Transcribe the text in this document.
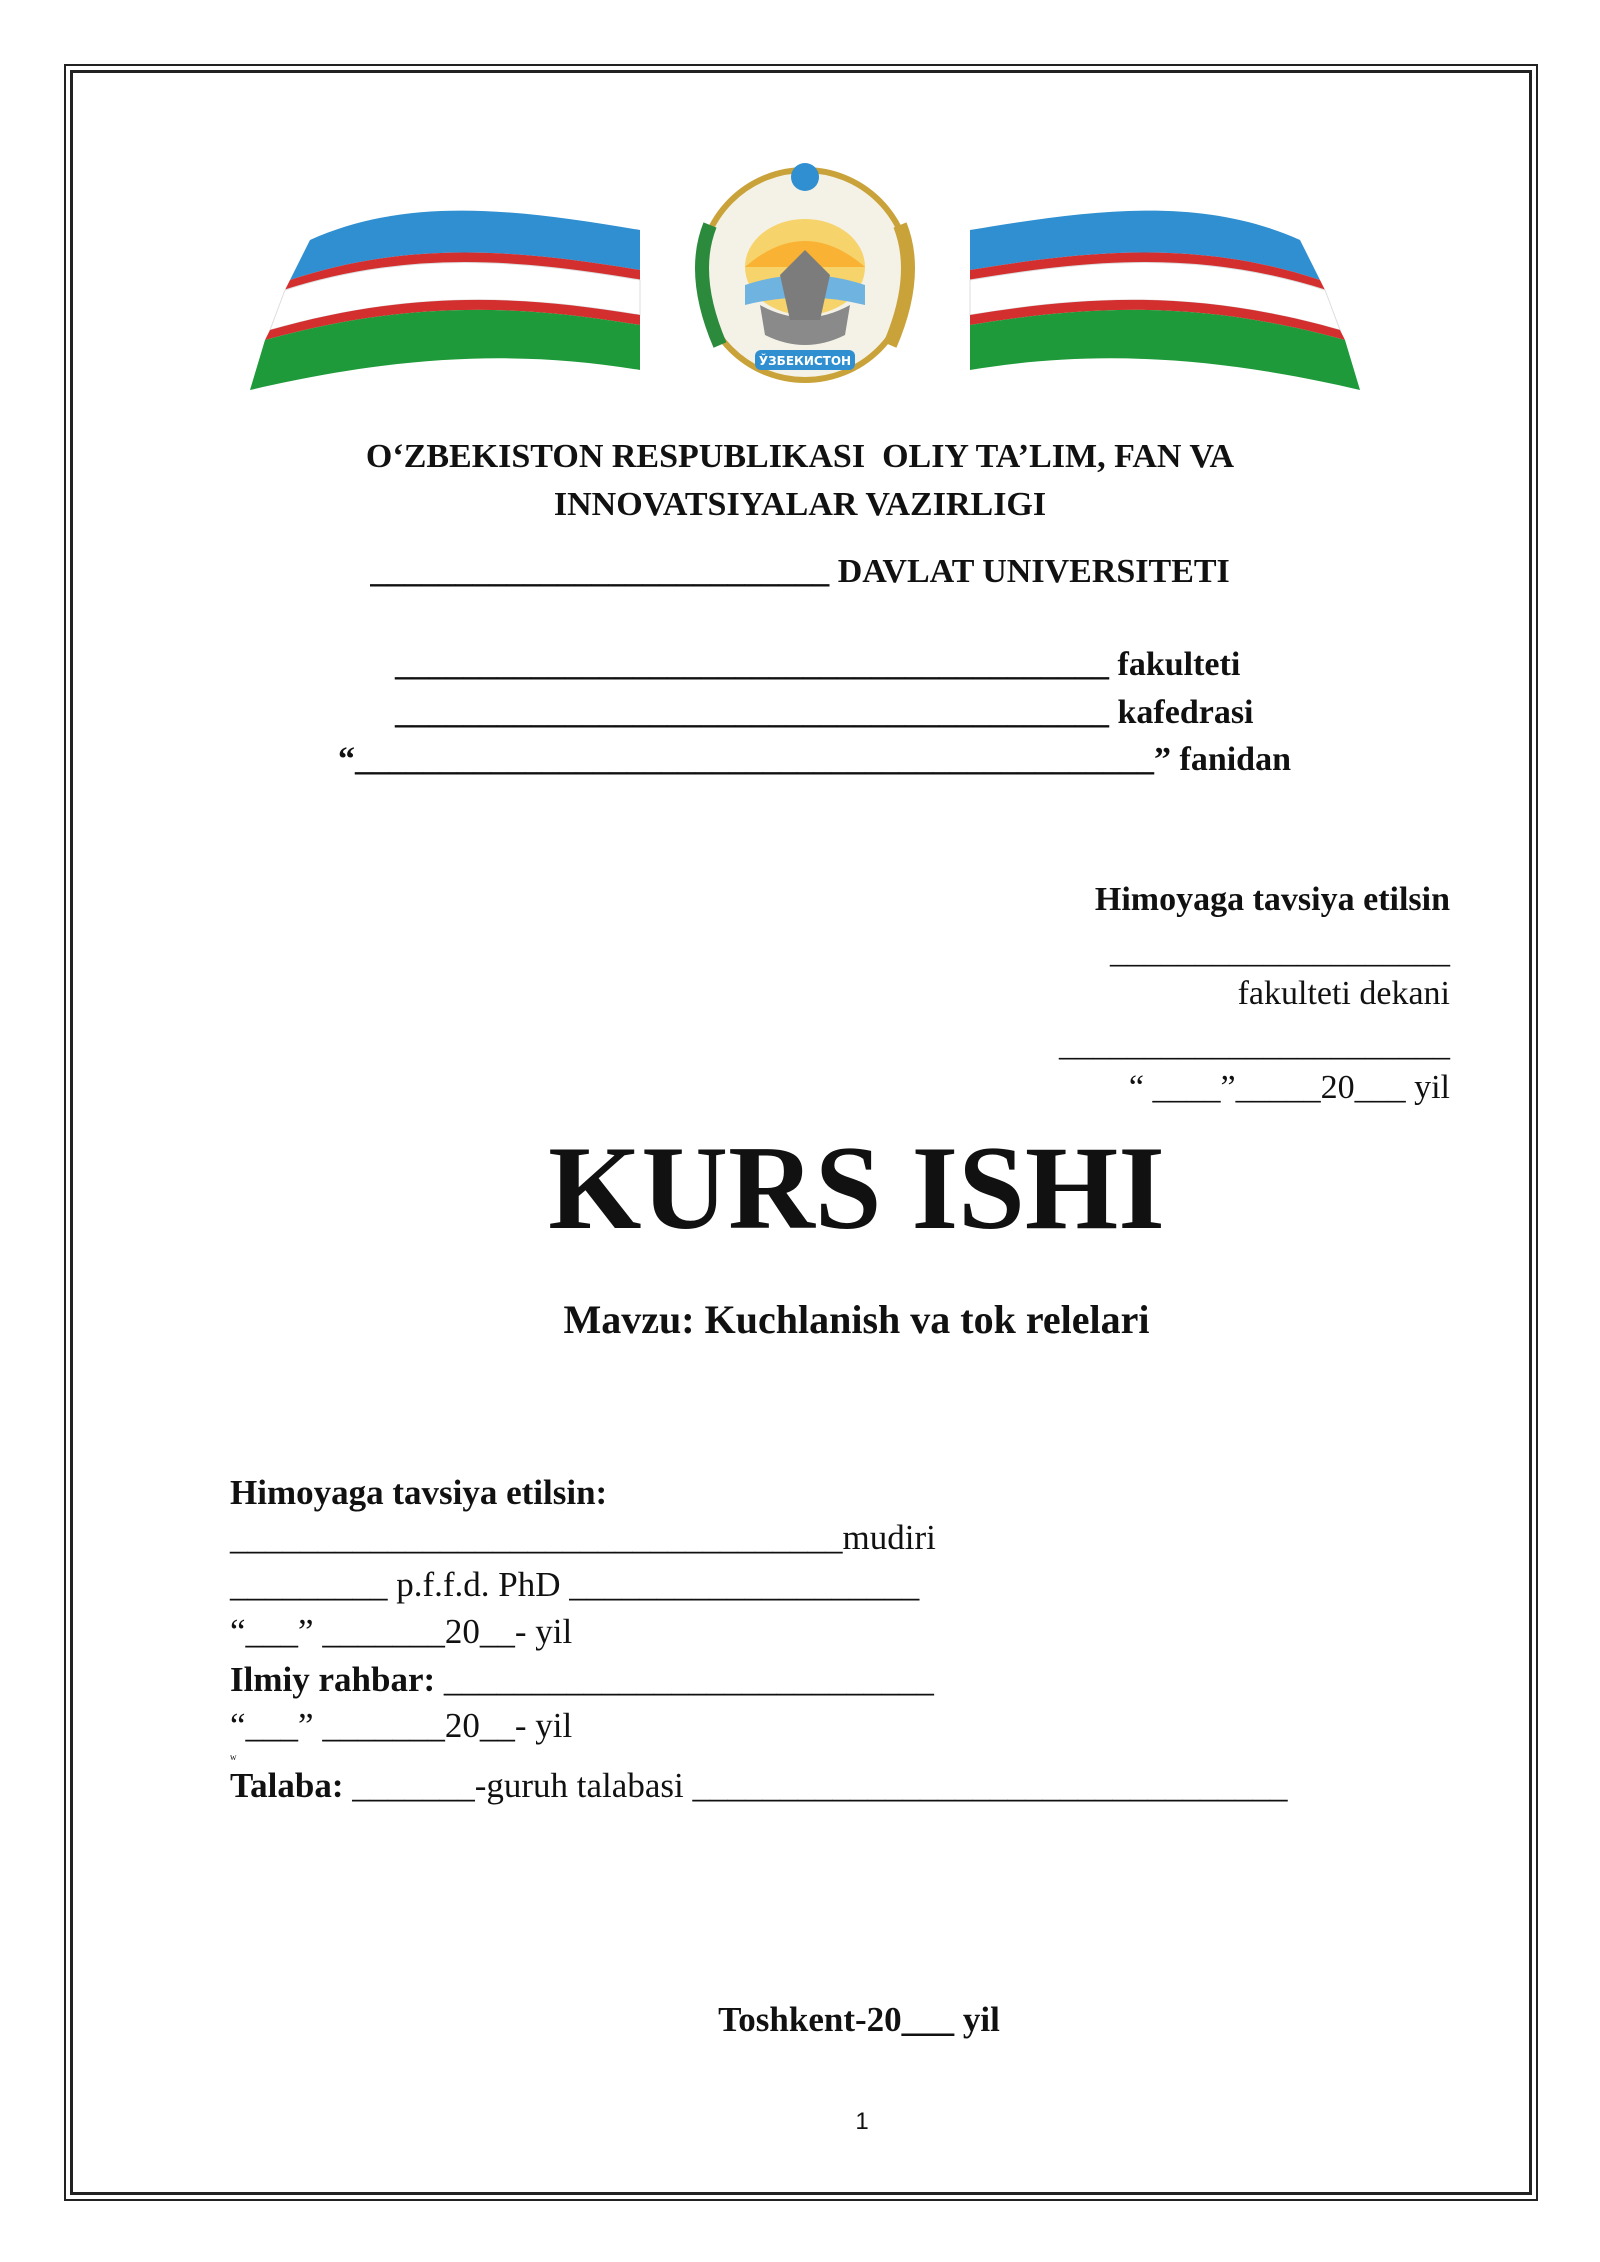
ЎЗБЕКИСТОН
O‘ZBEKISTON RESPUBLIKASI  OLIY TA’LIM, FAN VA
INNOVATSIYALAR VAZIRLIGI
___________________________ DAVLAT UNIVERSITETI
__________________________________________ fakulteti
__________________________________________ kafedrasi
“_______________________________________________” fanidan
Himoyaga tavsiya etilsin
____________________
fakulteti dekani
_______________________
“ ____”_____20___ yil
KURS ISHI
Mavzu: Kuchlanish va tok relelari
Himoyaga tavsiya etilsin:
___________________________________mudiri
_________ p.f.f.d. PhD ____________________
“___” _______20__- yil
Ilmiy rahbar: ____________________________
“___” _______20__- yil
w
Talaba: _______-guruh talabasi __________________________________
Toshkent-20___ yil
1
